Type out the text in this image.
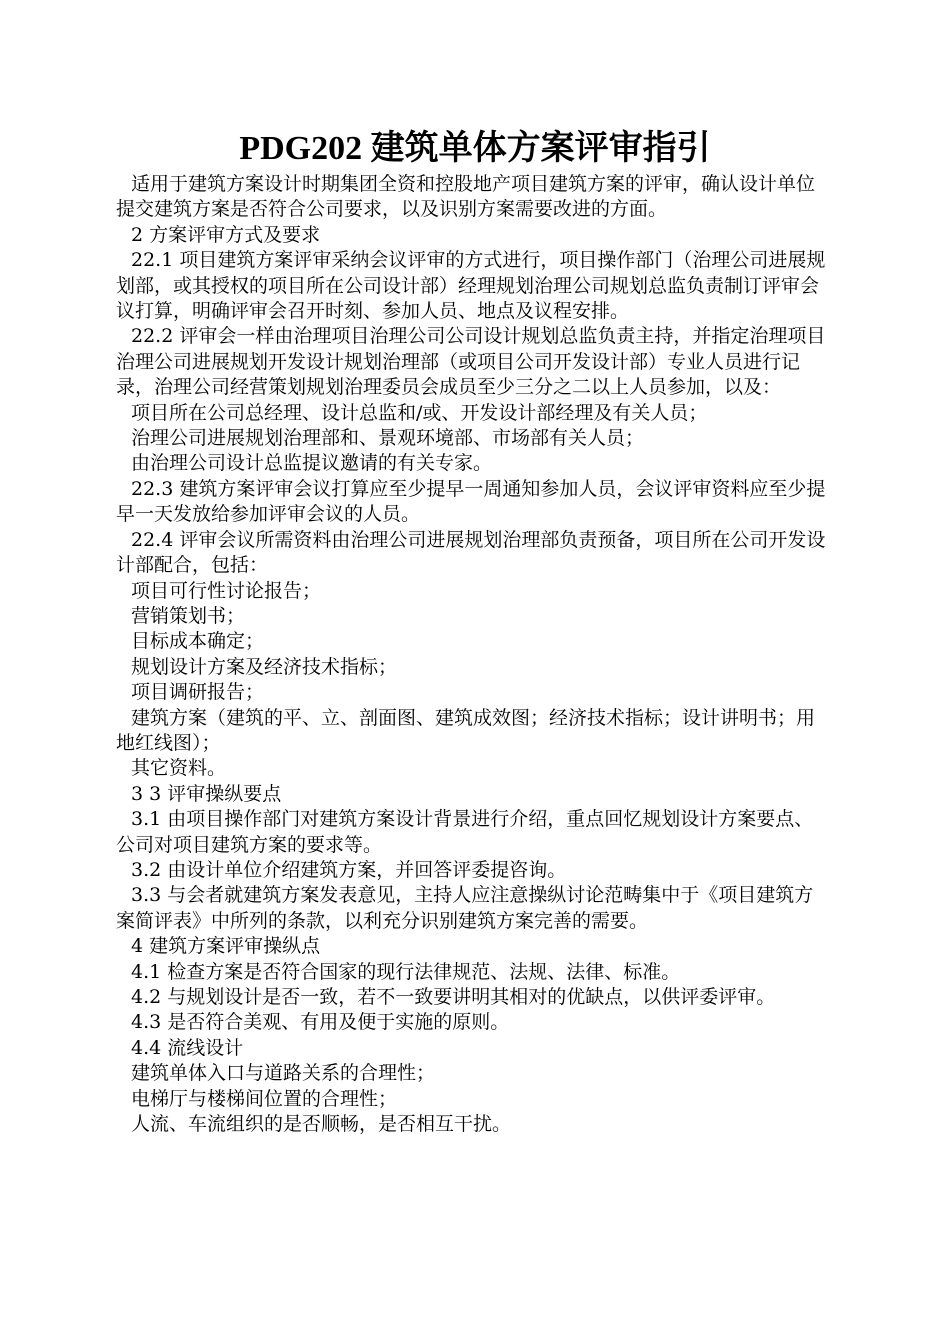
PDG202 建筑单体方案评审指引

适用于建筑方案设计时期集团全资和控股地产项目建筑方案的评审，确认设计单位提交建筑方案是否符合公司要求，以及识别方案需要改进的方面。

2 方案评审方式及要求

22.1 项目建筑方案评审采纳会议评审的方式进行，项目操作部门（治理公司进展规划部，或其授权的项目所在公司设计部）经理规划治理公司规划总监负责制订评审会议打算，明确评审会召开时刻、参加人员、地点及议程安排。

22.2 评审会一样由治理项目治理公司公司设计规划总监负责主持，并指定治理项目治理公司进展规划开发设计规划治理部（或项目公司开发设计部）专业人员进行记录，治理公司经营策划规划治理委员会成员至少三分之二以上人员参加，以及：

项目所在公司总经理、设计总监和/或、开发设计部经理及有关人员；

治理公司进展规划治理部和、景观环境部、市场部有关人员；

由治理公司设计总监提议邀请的有关专家。

22.3 建筑方案评审会议打算应至少提早一周通知参加人员，会议评审资料应至少提早一天发放给参加评审会议的人员。

22.4 评审会议所需资料由治理公司进展规划治理部负责预备，项目所在公司开发设计部配合，包括：

项目可行性讨论报告；

营销策划书；

目标成本确定；

规划设计方案及经济技术指标；

项目调研报告；

建筑方案（建筑的平、立、剖面图、建筑成效图；经济技术指标；设计讲明书；用地红线图）；

其它资料。

3 3 评审操纵要点

3.1 由项目操作部门对建筑方案设计背景进行介绍，重点回忆规划设计方案要点、公司对项目建筑方案的要求等。

3.2 由设计单位介绍建筑方案，并回答评委提咨询。

3.3 与会者就建筑方案发表意见，主持人应注意操纵讨论范畴集中于《项目建筑方案简评表》中所列的条款，以利充分识别建筑方案完善的需要。

4 建筑方案评审操纵点

4.1 检查方案是否符合国家的现行法律规范、法规、法律、标准。

4.2 与规划设计是否一致，若不一致要讲明其相对的优缺点，以供评委评审。

4.3 是否符合美观、有用及便于实施的原则。

4.4 流线设计

建筑单体入口与道路关系的合理性；

电梯厅与楼梯间位置的合理性；

人流、车流组织的是否顺畅，是否相互干扰。
